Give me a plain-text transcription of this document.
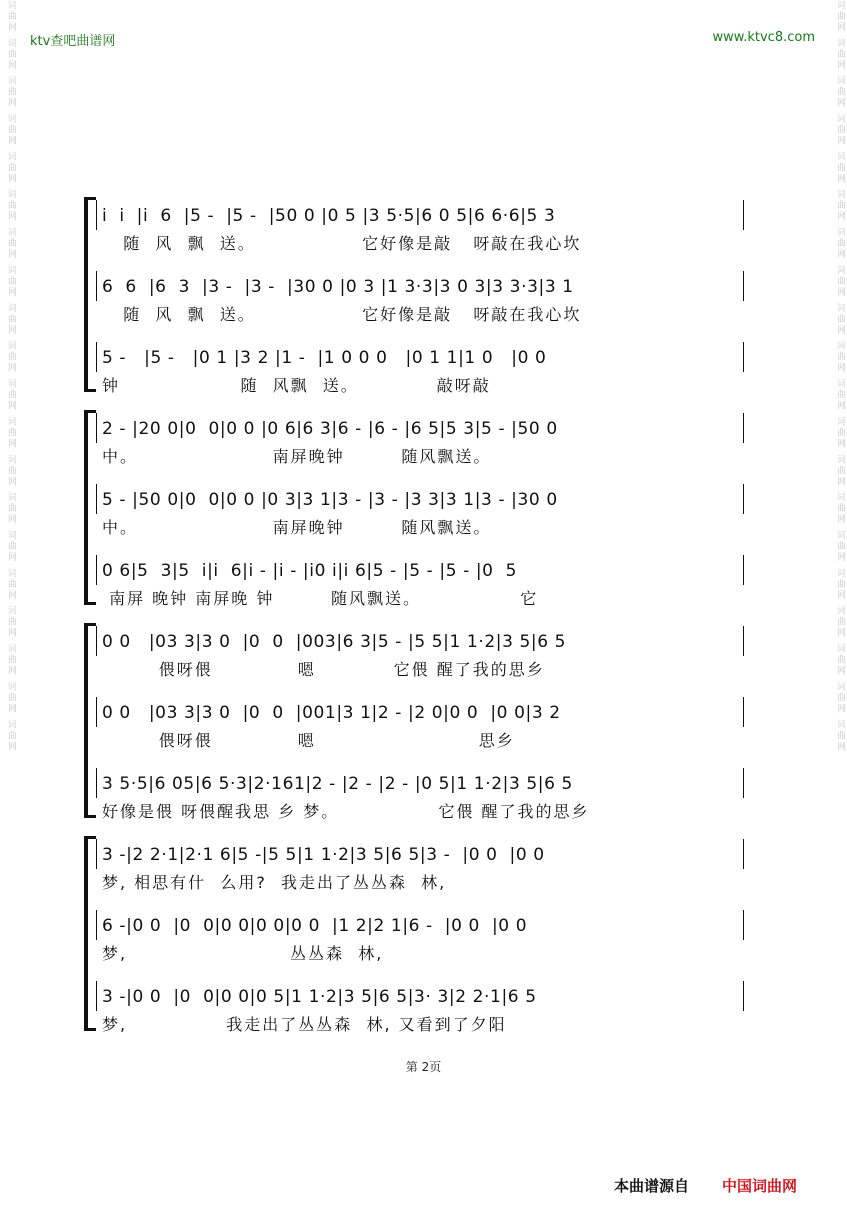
词曲网 词曲网 词曲网 词曲网 词曲网 词曲网 词曲网 词曲网 词曲网 词曲网 词曲网 词曲网 词曲网 词曲网 词曲网 词曲网 词曲网 词曲网 词曲网 词曲网	词曲网 词曲网 词曲网 词曲网 词曲网 词曲网 词曲网 词曲网 词曲网 词曲网 词曲网 词曲网 词曲网 词曲网 词曲网 词曲网 词曲网 词曲网 词曲网 词曲网
ktv查吧曲谱网	www.ktvc8.com
i  i  |i  6  |5 -  |5 -  |50 0 |0 5 |3 5·5|6 0 5|6 6·6|5 3
随  风  飘  送。               它好像是敲   呀敲在我心坎
6  6  |6  3  |3 -  |3 -  |30 0 |0 3 |1 3·3|3 0 3|3 3·3|3 1
随  风  飘  送。               它好像是敲   呀敲在我心坎
5 -   |5 -   |0 1 |3 2 |1 -  |1 0 0 0   |0 1 1|1 0   |0 0
钟                 随  风飘  送。           敲呀敲
2 - |20 0|0  0|0 0 |0 6|6 3|6 - |6 - |6 5|5 3|5 - |50 0
中。                   南屏晚钟        随风飘送。
5 - |50 0|0  0|0 0 |0 3|3 1|3 - |3 - |3 3|3 1|3 - |30 0
中。                   南屏晚钟        随风飘送。
0 6|5  3|5  i|i  6|i - |i - |i0 i|i 6|5 - |5 - |5 - |0  5
南屏 晚钟 南屏晚 钟        随风飘送。              它
0 0   |03 3|3 0  |0  0  |003|6 3|5 - |5 5|1 1·2|3 5|6 5
偎呀偎            嗯           它偎 醒了我的思乡
0 0   |03 3|3 0  |0  0  |001|3 1|2 - |2 0|0 0  |0 0|3 2
偎呀偎            嗯                       思乡
3 5·5|6 05|6 5·3|2·161|2 - |2 - |2 - |0 5|1 1·2|3 5|6 5
好像是偎 呀偎醒我思 乡 梦。              它偎 醒了我的思乡
3 -|2 2·1|2·1 6|5 -|5 5|1 1·2|3 5|6 5|3 -  |0 0  |0 0
梦, 相思有什  么用?  我走出了丛丛森  林,
6 -|0 0  |0  0|0 0|0 0|0 0  |1 2|2 1|6 -  |0 0  |0 0
梦,                       丛丛森  林,
3 -|0 0  |0  0|0 0|0 5|1 1·2|3 5|6 5|3· 3|2 2·1|6 5
梦,              我走出了丛丛森  林, 又看到了夕阳
第 2页
本曲谱源自 中国词曲网
